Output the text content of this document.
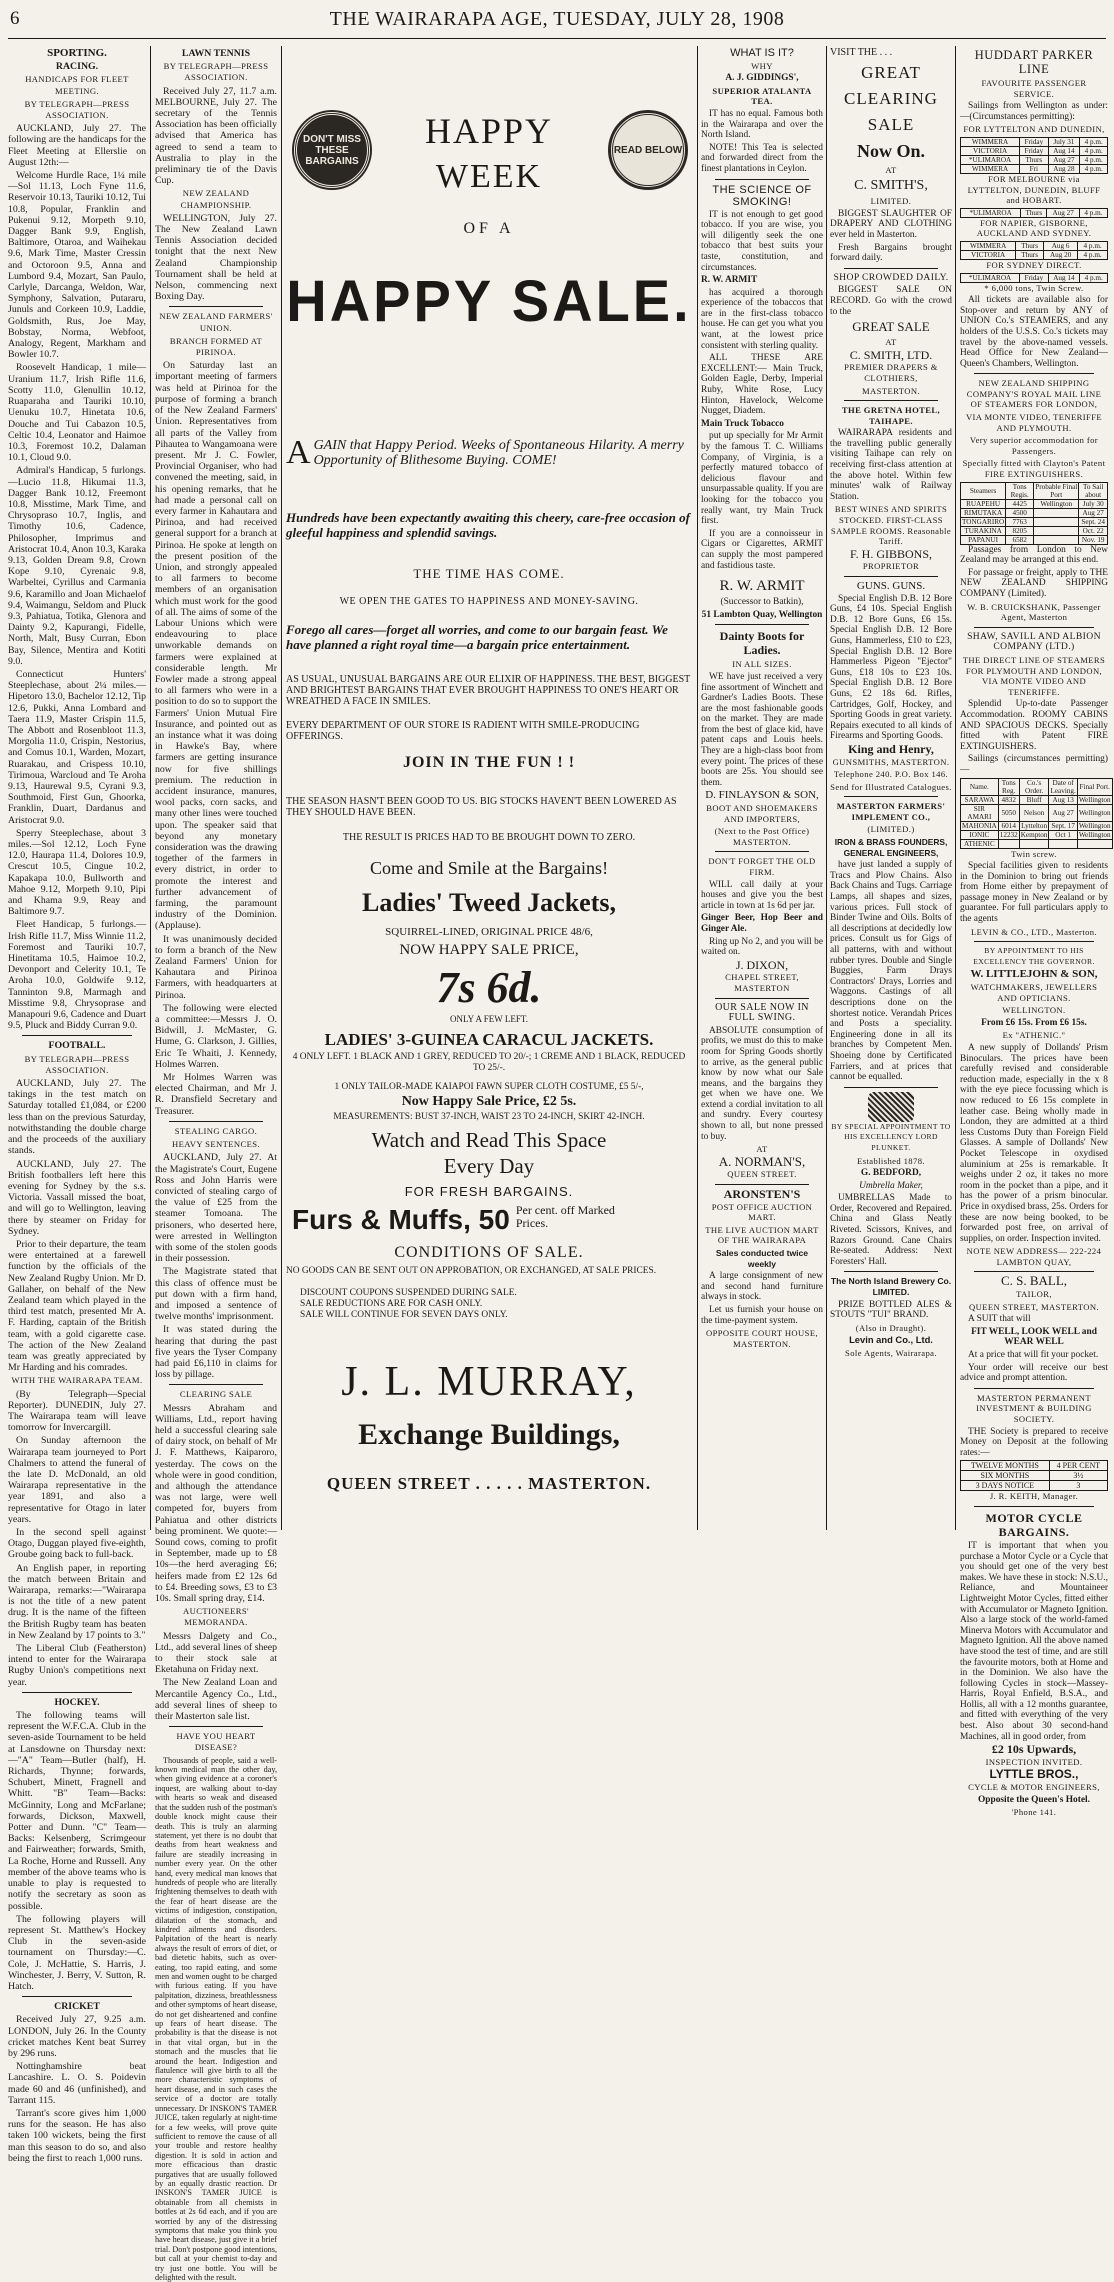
6	THE WAIRARAPA AGE, TUESDAY, JULY 28, 1908

SPORTING.

RACING.

HANDICAPS FOR FLEET MEETING.

BY TELEGRAPH—PRESS ASSOCIATION.

AUCKLAND, July 27. The following are the handicaps for the Fleet Meeting at Ellerslie on August 12th:—

Welcome Hurdle Race, 1¼ mile—Sol 11.13, Loch Fyne 11.6, Reservoir 10.13, Tauriki 10.12, Tui 10.8, Popular, Franklin and Pukenui 9.12, Morpeth 9.10, Dagger Bank 9.9, English, Baltimore, Otaroa, and Waihekau 9.6, Mark Time, Master Cressin and Octoroon 9.5, Anna and Lumbord 9.4, Mozart, San Paulo, Carlyle, Darcanga, Weldon, War, Symphony, Salvation, Putararu, Junuls and Corkeen 10.9, Laddie, Goldsmith, Rus, Joe May, Bobstay, Norma, Webfoot, Analogy, Regent, Markham and Bowler 10.7.

Roosevelt Handicap, 1 mile—Uranium 11.7, Irish Rifle 11.6, Scotty 11.0, Glenullin 10.12, Ruaparaha and Tauriki 10.10, Uenuku 10.7, Hinetata 10.6, Douche and Tui Cabazon 10.5, Celtic 10.4, Leonator and Haimoe 10.3, Foremost 10.2, Dalaman 10.1, Cloud 9.0.

Admiral's Handicap, 5 furlongs.—Lucio 11.8, Hikumai 11.3, Dagger Bank 10.12, Freemont 10.8, Misstime, Mark Time, and Chrysopraso 10.7, Inglis, and Timothy 10.6, Cadence, Philosopher, Imprimus and Aristocrat 10.4, Anon 10.3, Karaka 9.13, Golden Dream 9.8, Crown Kope 9.10, Cyrenaic 9.8, Warbeltei, Cyrillus and Carmania 9.6, Karamillo and Joan Michaelof 9.4, Waimangu, Seldom and Pluck 9.3, Pahiatua, Totika, Glenora and Dainty 9.2, Kapurangi, Fidelle, North, Malt, Busy Curran, Ebon Bay, Silence, Mentira and Kotiti 9.0.

Connecticut Hunters' Steeplechase, about 2¼ miles.—Hipetoro 13.0, Bachelor 12.12, Tip 12.6, Pukki, Anna Lombard and Taera 11.9, Master Crispin 11.5, The Abbott and Rosenbloot 11.3, Morgolia 11.0, Crispin, Nestorius, and Comus 10.1, Warden, Mozart, Ruarakau, and Crispess 10.10, Tirimoua, Warcloud and Te Aroha 9.13, Haurewal 9.5, Cyrani 9.3, Southmoid, First Gun, Ghoorka, Franklin, Duart, Dardanus and Aristocrat 9.0.

Sperry Steeplechase, about 3 miles.—Sol 12.12, Loch Fyne 12.0, Haurapa 11.4, Dolores 10.9, Crescut 10.5, Cingue 10.2, Kapakapa 10.0, Bullworth and Mahoe 9.12, Morpeth 9.10, Pipi and Khama 9.9, Reay and Baltimore 9.7.

Fleet Handicap, 5 furlongs.—Irish Rifle 11.7, Miss Winnie 11.2, Foremost and Tauriki 10.7, Hinetitama 10.5, Haimoe 10.2, Devonport and Celerity 10.1, Te Aroha 10.0, Goldwife 9.12, Tanninton 9.8, Marmagh and Misstime 9.8, Chrysoprase and Manapouri 9.6, Cadence and Duart 9.5, Pluck and Biddy Curran 9.0.

FOOTBALL.

BY TELEGRAPH—PRESS ASSOCIATION.

AUCKLAND, July 27. The takings in the test match on Saturday totalled £1,084, or £200 less than on the previous Saturday, notwithstanding the double charge and the proceeds of the auxiliary stands.

AUCKLAND, July 27. The British footballers left here this evening for Sydney by the s.s. Victoria. Vassall missed the boat, and will go to Wellington, leaving there by steamer on Friday for Sydney.

Prior to their departure, the team were entertained at a farewell function by the officials of the New Zealand Rugby Union. Mr D. Gallaher, on behalf of the New Zealand team which played in the third test match, presented Mr A. F. Harding, captain of the British team, with a gold cigarette case. The action of the New Zealand team was greatly appreciated by Mr Harding and his comrades.

WITH THE WAIRARAPA TEAM.

(By Telegraph—Special Reporter). DUNEDIN, July 27. The Wairarapa team will leave tomorrow for Invercargill.

On Sunday afternoon the Wairarapa team journeyed to Port Chalmers to attend the funeral of the late D. McDonald, an old Wairarapa representative in the year 1891, and also a representative for Otago in later years.

In the second spell against Otago, Duggan played five-eighth, Groube going back to full-back.

An English paper, in reporting the match between Britain and Wairarapa, remarks:—"Wairarapa is not the title of a new patent drug. It is the name of the fifteen the British Rugby team has beaten in New Zealand by 17 points to 3."

The Liberal Club (Featherston) intend to enter for the Wairarapa Rugby Union's competitions next year.

HOCKEY.

The following teams will represent the W.F.C.A. Club in the seven-aside Tournament to be held at Lansdowne on Thursday next:—"A" Team—Butler (half), H. Richards, Thynne; forwards, Schubert, Minett, Fragnell and Whitt. "B" Team—Backs: McGinnity, Long and McFarlane; forwards, Dickson, Maxwell, Potter and Dunn. "C" Team—Backs: Kelsenberg, Scrimgeour and Fairweather; forwards, Smith, La Roche, Horne and Russell. Any member of the above teams who is unable to play is requested to notify the secretary as soon as possible.

The following players will represent St. Matthew's Hockey Club in the seven-aside tournament on Thursday:—C. Cole, J. McHattie, S. Harris, J. Winchester, J. Berry, V. Sutton, R. Hatch.

CRICKET

Received July 27, 9.25 a.m. LONDON, July 26. In the County cricket matches Kent beat Surrey by 296 runs.

Nottinghamshire beat Lancashire. L. O. S. Poidevin made 60 and 46 (unfinished), and Tarrant 115.

Tarrant's score gives him 1,000 runs for the season. He has also taken 100 wickets, being the first man this season to do so, and also being the first to reach 1,000 runs.

LAWN TENNIS

BY TELEGRAPH—PRESS ASSOCIATION.

Received July 27, 11.7 a.m. MELBOURNE, July 27. The secretary of the Tennis Association has been officially advised that America has agreed to send a team to Australia to play in the preliminary tie of the Davis Cup.

NEW ZEALAND CHAMPIONSHIP.

WELLINGTON, July 27. The New Zealand Lawn Tennis Association decided tonight that the next New Zealand Championship Tournament shall be held at Nelson, commencing next Boxing Day.

NEW ZEALAND FARMERS' UNION.

BRANCH FORMED AT PIRINOA.

On Saturday last an important meeting of farmers was held at Pirinoa for the purpose of forming a branch of the New Zealand Farmers' Union. Representatives from all parts of the Valley from Pihautea to Wangamoana were present. Mr J. C. Fowler, Provincial Organiser, who had convened the meeting, said, in his opening remarks, that he had made a personal call on every farmer in Kahautara and Pirinoa, and had received general support for a branch at Pirinoa. He spoke at length on the present position of the Union, and strongly appealed to all farmers to become members of an organisation which must work for the good of all. The aims of some of the Labour Unions which were endeavouring to place unworkable demands on farmers were explained at considerable length. Mr Fowler made a strong appeal to all farmers who were in a position to do so to support the Farmers' Union Mutual Fire Insurance, and pointed out as an instance what it was doing in Hawke's Bay, where farmers are getting insurance now for five shillings premium. The reduction in accident insurance, manures, wool packs, corn sacks, and many other lines were touched upon. The speaker said that beyond any monetary consideration was the drawing together of the farmers in every district, in order to promote the interest and further advancement of farming, the paramount industry of the Dominion. (Applause).

It was unanimously decided to form a branch of the New Zealand Farmers' Union for Kahautara and Pirinoa Farmers, with headquarters at Pirinoa.

The following were elected a committee:—Messrs J. O. Bidwill, J. McMaster, G. Hume, G. Clarkson, J. Gillies, Eric Te Whaiti, J. Kennedy, Holmes Warren.

Mr Holmes Warren was elected Chairman, and Mr J. R. Dransfield Secretary and Treasurer.

STEALING CARGO.

HEAVY SENTENCES.

AUCKLAND, July 27. At the Magistrate's Court, Eugene Ross and John Harris were convicted of stealing cargo of the value of £25 from the steamer Tomoana. The prisoners, who deserted here, were arrested in Wellington with some of the stolen goods in their possession.

The Magistrate stated that this class of offence must be put down with a firm hand, and imposed a sentence of twelve months' imprisonment.

It was stated during the hearing that during the past five years the Tyser Company had paid £6,110 in claims for loss by pillage.

CLEARING SALE

Messrs Abraham and Williams, Ltd., report having held a successful clearing sale of dairy stock, on behalf of Mr J. F. Matthews, Kaiparoro, yesterday. The cows on the whole were in good condition, and although the attendance was not large, were well competed for, buyers from Pahiatua and other districts being prominent. We quote:—Sound cows, coming to profit in September, made up to £8 10s—the herd averaging £6; heifers made from £2 12s 6d to £4. Breeding sows, £3 to £3 10s. Small spring dray, £14.

AUCTIONEERS' MEMORANDA.

Messrs Dalgety and Co., Ltd., add several lines of sheep to their stock sale at Eketahuna on Friday next.

The New Zealand Loan and Mercantile Agency Co., Ltd., add several lines of sheep to their Masterton sale list.

HAVE YOU HEART DISEASE?

Thousands of people, said a well-known medical man the other day, when giving evidence at a coroner's inquest, are walking about to-day with hearts so weak and diseased that the sudden rush of the postman's double knock might cause their death. This is truly an alarming statement, yet there is no doubt that deaths from heart weakness and failure are steadily increasing in number every year. On the other hand, every medical man knows that hundreds of people who are literally frightening themselves to death with the fear of heart disease are the victims of indigestion, constipation, dilatation of the stomach, and kindred ailments and disorders. Palpitation of the heart is nearly always the result of errors of diet, or bad dietetic habits, such as over-eating, too rapid eating, and some men and women ought to be charged with furious eating. If you have palpitation, dizziness, breathlessness and other symptoms of heart disease, do not get disheartened and confine up fears of heart disease. The probability is that the disease is not in that vital organ, but in the stomach and the muscles that lie around the heart. Indigestion and flatulence will give birth to all the more characteristic symptoms of heart disease, and in such cases the service of a doctor are totally unnecessary. Dr INSKON'S TAMER JUICE, taken regularly at night-time for a few weeks, will prove quite sufficient to remove the cause of all your trouble and restore healthy digestion. It is sold in action and more efficacious than drastic purgatives that are usually followed by an equally drastic reaction. Dr INSKON'S TAMER JUICE is obtainable from all chemists in bottles at 2s 6d each, and if you are worried by any of the distressing symptoms that make you think you have heart disease, just give it a brief trial. Don't postpone good intentions, but call at your chemist to-day and try just one bottle. You will be delighted with the result.

DON'T MISS THESE BARGAINS
READ BELOW
HAPPY
WEEK
OF A
HAPPY SALE.
AGAIN that Happy Period. Weeks of Spontaneous Hilarity. A merry Opportunity of Blithesome Buying. COME!
Hundreds have been expectantly awaiting this cheery, care-free occasion of gleeful happiness and splendid savings.
THE TIME HAS COME.
WE OPEN THE GATES TO HAPPINESS AND MONEY-SAVING.
Forego all cares—forget all worries, and come to our bargain feast. We have planned a right royal time—a bargain price entertainment.
AS USUAL, UNUSUAL BARGAINS ARE OUR ELIXIR OF HAPPINESS. THE BEST, BIGGEST AND BRIGHTEST BARGAINS THAT EVER BROUGHT HAPPINESS TO ONE'S HEART OR WREATHED A FACE IN SMILES.
EVERY DEPARTMENT OF OUR STORE IS RADIENT WITH SMILE-PRODUCING OFFERINGS.
JOIN IN THE FUN ! !
THE SEASON HASN'T BEEN GOOD TO US. BIG STOCKS HAVEN'T BEEN LOWERED AS THEY SHOULD HAVE BEEN.
THE RESULT IS PRICES HAD TO BE BROUGHT DOWN TO ZERO.
Come and Smile at the Bargains!
Ladies' Tweed Jackets,
SQUIRREL-LINED, ORIGINAL PRICE 48/6,
NOW HAPPY SALE PRICE,
7s 6d.
ONLY A FEW LEFT.
LADIES' 3-GUINEA CARACUL JACKETS.
4 ONLY LEFT. 1 BLACK AND 1 GREY, REDUCED TO 20/-; 1 CREME AND 1 BLACK, REDUCED TO 25/-.
1 ONLY TAILOR-MADE KAIAPOI FAWN SUPER CLOTH COSTUME, £5 5/-,
Now Happy Sale Price, £2 5s.
MEASUREMENTS: BUST 37-INCH, WAIST 23 TO 24-INCH, SKIRT 42-INCH.
Watch and Read This Space
Every Day
FOR FRESH BARGAINS.
Furs & Muffs, 50 Per cent. off Marked Prices.
CONDITIONS OF SALE.
NO GOODS CAN BE SENT OUT ON APPROBATION, OR EXCHANGED, AT SALE PRICES.
DISCOUNT COUPONS SUSPENDED DURING SALE.
SALE REDUCTIONS ARE FOR CASH ONLY.
SALE WILL CONTINUE FOR SEVEN DAYS ONLY.
J. L. MURRAY,
Exchange Buildings,
QUEEN STREET . . . . . MASTERTON.

WHAT IS IT?

WHY

A. J. GIDDINGS',

SUPERIOR ATALANTA TEA.

IT has no equal. Famous both in the Wairarapa and over the North Island.

NOTE! This Tea is selected and forwarded direct from the finest plantations in Ceylon.

THE SCIENCE OF SMOKING!

IT is not enough to get good tobacco. If you are wise, you will diligently seek the one tobacco that best suits your taste, constitution, and circumstances.

R. W. ARMIT

has acquired a thorough experience of the tobaccos that are in the first-class tobacco house. He can get you what you want, at the lowest price consistent with sterling quality.

ALL THESE ARE EXCELLENT:— Main Truck, Golden Eagle, Derby, Imperial Ruby, White Rose, Lucy Hinton, Havelock, Welcome Nugget, Diadem.

Main Truck Tobacco

put up specially for Mr Armit by the famous T. C. Williams Company, of Virginia, is a perfectly matured tobacco of delicious flavour and unsurpassable quality. If you are looking for the tobacco you really want, try Main Truck first.

If you are a connoisseur in Cigars or Cigarettes, ARMIT can supply the most pampered and fastidious taste.

R. W. ARMIT

(Successor to Batkin),

51 Lambton Quay, Wellington

Dainty Boots for Ladies.

IN ALL SIZES.

WE have just received a very fine assortment of Winchett and Gardner's Ladies Boots. These are the most fashionable goods on the market. They are made from the best of glace kid, have patent caps and Louis heels. They are a high-class boot from every point. The prices of these boots are 25s. You should see them.

D. FINLAYSON & SON,

BOOT AND SHOEMAKERS AND IMPORTERS,

(Next to the Post Office) MASTERTON.

DON'T FORGET THE OLD FIRM.

WILL call daily at your houses and give you the best article in town at 1s 6d per jar.

Ginger Beer, Hop Beer and Ginger Ale.

Ring up No 2, and you will be waited on.

J. DIXON,

CHAPEL STREET, MASTERTON

OUR SALE NOW IN FULL SWING.

ABSOLUTE consumption of profits, we must do this to make room for Spring Goods shortly to arrive, as the general public know by now what our Sale means, and the bargains they get when we have one. We extend a cordial invitation to all and sundry. Every courtesy shown to all, but none pressed to buy.

AT

A. NORMAN'S,

QUEEN STREET.

ARONSTEN'S

POST OFFICE AUCTION MART.

THE LIVE AUCTION MART OF THE WAIRARAPA

Sales conducted twice weekly

A large consignment of new and second hand furniture always in stock.

Let us furnish your house on the time-payment system.

OPPOSITE COURT HOUSE, MASTERTON.

VISIT THE . . .

GREAT

CLEARING

SALE

Now On.

AT

C. SMITH'S,

LIMITED.

BIGGEST SLAUGHTER OF DRAPERY AND CLOTHING ever held in Masterton.

Fresh Bargains brought forward daily.

SHOP CROWDED DAILY.

BIGGEST SALE ON RECORD. Go with the crowd to the

GREAT SALE

AT

C. SMITH, LTD.

PREMIER DRAPERS & CLOTHIERS,

MASTERTON.

THE GRETNA HOTEL, TAIHAPE.

WAIRARAPA residents and the travelling public generally visiting Taihape can rely on receiving first-class attention at the above hotel. Within few minutes' walk of Railway Station.

BEST WINES AND SPIRITS STOCKED. FIRST-CLASS SAMPLE ROOMS. Reasonable Tariff.

F. H. GIBBONS,

PROPRIETOR

GUNS. GUNS.

Special English D.B. 12 Bore Guns, £4 10s. Special English D.B. 12 Bore Guns, £6 15s. Special English D.B. 12 Bore Guns, Hammerless, £10 to £23, Special English D.B. 12 Bore Hammerless Pigeon "Ejector" Guns, £18 10s to £23 10s. Special English D.B. 12 Bore Guns, £2 18s 6d. Rifles, Cartridges, Golf, Hockey, and Sporting Goods in great variety. Repairs executed to all kinds of Firearms and Sporting Goods.

King and Henry,

GUNSMITHS, MASTERTON.

Telephone 240. P.O. Box 146.

Send for Illustrated Catalogues.

MASTERTON FARMERS' IMPLEMENT CO.,

(LIMITED.)

IRON & BRASS FOUNDERS, GENERAL ENGINEERS,

have just landed a supply of Tracs and Plow Chains. Also Back Chains and Tugs. Carriage Lamps, all shapes and sizes, various prices. Full stock of Binder Twine and Oils. Bolts of all descriptions at decidedly low prices. Consult us for Gigs of all patterns, with and without rubber tyres. Double and Single Buggies, Farm Drays Contractors' Drays, Lorries and Waggons. Castings of all descriptions done on the shortest notice. Verandah Prices and Posts a speciality. Engineering done in all its branches by Competent Men. Shoeing done by Certificated Farriers, and at prices that cannot be equalled.

BY SPECIAL APPOINTMENT TO HIS EXCELLENCY LORD PLUNKET.

Established 1878.

G. BEDFORD,

Umbrella Maker,

UMBRELLAS Made to Order, Recovered and Repaired. China and Glass Neatly Riveted. Scissors, Knives, and Razors Ground. Cane Chairs Re-seated. Address: Next Foresters' Hall.

The North Island Brewery Co. LIMITED.

PRIZE BOTTLED ALES & STOUTS "TUI" BRAND.

(Also in Draught).

Levin and Co., Ltd.

Sole Agents, Wairarapa.

HUDDART PARKER LINE

FAVOURITE PASSENGER SERVICE.

Sailings from Wellington as under:—(Circumstances permitting):

FOR LYTTELTON AND DUNEDIN,

WIMMERA	Friday	July 31	4 p.m.
VICTORIA	Friday	Aug 14	4 p.m.
*ULIMAROA	Thurs	Aug 27	4 p.m.
WIMMERA	Fri	Aug 28	4 p.m.

FOR MELBOURNE via LYTTELTON, DUNEDIN, BLUFF and HOBART.

*ULIMAROA	Thurs	Aug 27	4 p.m.

FOR NAPIER, GISBORNE, AUCKLAND AND SYDNEY.

WIMMERA	Thurs	Aug 6	4 p.m.
VICTORIA	Thurs	Aug 20	4 p.m.

FOR SYDNEY DIRECT.

*ULIMAROA	Friday	Aug 14	4 p.m.

* 6,000 tons, Twin Screw.

All tickets are available also for Stop-over and return by ANY of UNION Co.'s STEAMERS, and any holders of the U.S.S. Co.'s tickets may travel by the above-named vessels. Head Office for New Zealand—Queen's Chambers, Wellington.

NEW ZEALAND SHIPPING COMPANY'S ROYAL MAIL LINE OF STEAMERS FOR LONDON,

VIA MONTE VIDEO, TENERIFFE AND PLYMOUTH.

Very superior accommodation for Passengers.

Specially fitted with Clayton's Patent FIRE EXTINGUISHERS.

Steamers	Tons Regis.	Probable Final Port	To Sail about
RUAPEHU	4425	Wellington	July 30
RIMUTAKA	4500		Aug 27
TONGARIRO	7763		Sept. 24
TURAKINA	8205		Oct. 22
PAPANUI	6582		Nov. 19

Passages from London to New Zealand may be arranged at this end.

For passage or freight, apply to THE NEW ZEALAND SHIPPING COMPANY (Limited).

W. B. CRUICKSHANK, Passenger Agent, Masterton

SHAW, SAVILL AND ALBION COMPANY (LTD.)

THE DIRECT LINE OF STEAMERS FOR PLYMOUTH AND LONDON, VIA MONTE VIDEO AND TENERIFFE.

Splendid Up-to-date Passenger Accommodation. ROOMY CABINS AND SPACIOUS DECKS. Specially fitted with Patent FIRE EXTINGUISHERS.

Sailings (circumstances permitting)—

Name.	Tons Reg.	Co.'s Order.	Date of Leaving.	Final Port.
SARAWA	4832	Bluff	Aug 13	Wellington
SIR AMARI	5050	Nelson	Aug 27	Wellington
MAHONIA	6014	Lyttelton	Sept. 17	Wellington
IONIC	12232	Kempton	Oct 1	Wellington
ATHENIC				

Twin screw.

Special facilities given to residents in the Dominion to bring out friends from Home either by prepayment of passage money in New Zealand or by guarantee. For full particulars apply to the agents

LEVIN & CO., LTD., Masterton.

BY APPOINTMENT TO HIS EXCELLENCY THE GOVERNOR.

W. LITTLEJOHN & SON,

WATCHMAKERS, JEWELLERS AND OPTICIANS.

WELLINGTON.

From £6 15s. From £6 15s.

Ex "ATHENIC."

A new supply of Dollands' Prism Binoculars. The prices have been carefully revised and considerable reduction made, especially in the x 8 with the eye piece focussing which is now reduced to £6 15s complete in leather case. Being wholly made in London, they are admitted at a third less Customs Duty than Foreign Field Glasses. A sample of Dollands' New Pocket Telescope in oxydised aluminium at 25s is remarkable. It weighs under 2 oz, it takes no more room in the pocket than a pipe, and it has the power of a prism binocular. Price in oxydised brass, 25s. Orders for these are now being booked, to be forwarded post free, on arrival of supplies, on order. Inspection invited.

NOTE NEW ADDRESS— 222-224 LAMBTON QUAY,

C. S. BALL,

TAILOR,

QUEEN STREET, MASTERTON.

A SUIT that will

FIT WELL, LOOK WELL and WEAR WELL

At a price that will fit your pocket.

Your order will receive our best advice and prompt attention.

MASTERTON PERMANENT INVESTMENT & BUILDING SOCIETY.

THE Society is prepared to receive Money on Deposit at the following rates:—

TWELVE MONTHS	4 PER CENT
SIX MONTHS	3½
3 DAYS NOTICE	3

J. R. KEITH, Manager.

MOTOR CYCLE BARGAINS.

IT is important that when you purchase a Motor Cycle or a Cycle that you should get one of the very best makes. We have these in stock: N.S.U., Reliance, and Mountaineer Lightweight Motor Cycles, fitted either with Accumulator or Magneto Ignition. Also a large stock of the world-famed Minerva Motors with Accumulator and Magneto Ignition. All the above named have stood the test of time, and are still the favourite motors, both at Home and in the Dominion. We also have the following Cycles in stock—Massey-Harris, Royal Enfield, B.S.A., and Hollis, all with a 12 months guarantee, and fitted with everything of the very best. Also about 30 second-hand Machines, all in good order, from

£2 10s Upwards,

INSPECTION INVITED.

LYTTLE BROS.,

CYCLE & MOTOR ENGINEERS,

Opposite the Queen's Hotel.

'Phone 141.
